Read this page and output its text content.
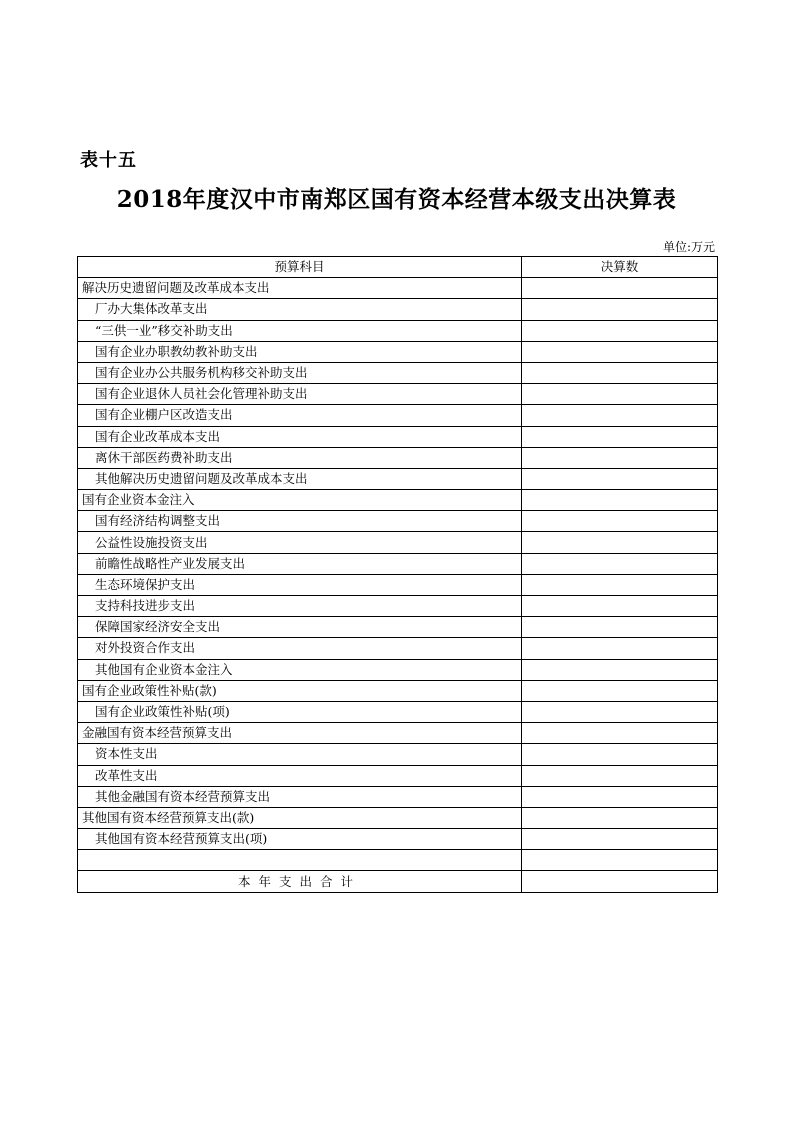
表十五
2018年度汉中市南郑区国有资本经营本级支出决算表
单位:万元
预算科目	决算数
解决历史遗留问题及改革成本支出	
厂办大集体改革支出	
“三供一业”移交补助支出	
国有企业办职教幼教补助支出	
国有企业办公共服务机构移交补助支出	
国有企业退休人员社会化管理补助支出	
国有企业棚户区改造支出	
国有企业改革成本支出	
离休干部医药费补助支出	
其他解决历史遗留问题及改革成本支出	
国有企业资本金注入	
国有经济结构调整支出	
公益性设施投资支出	
前瞻性战略性产业发展支出	
生态环境保护支出	
支持科技进步支出	
保障国家经济安全支出	
对外投资合作支出	
其他国有企业资本金注入	
国有企业政策性补贴(款)	
国有企业政策性补贴(项)	
金融国有资本经营预算支出	
资本性支出	
改革性支出	
其他金融国有资本经营预算支出	
其他国有资本经营预算支出(款)	
其他国有资本经营预算支出(项)	

本年支出合计	
